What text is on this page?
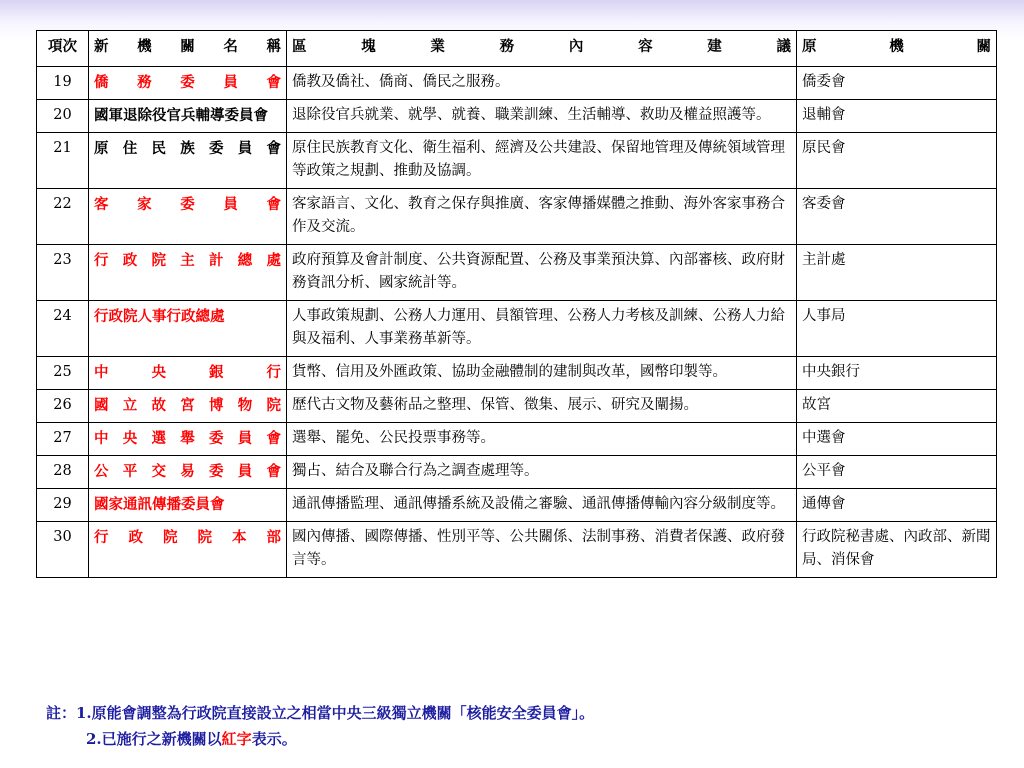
項次	新 機 關 名 稱	區 塊 業 務 內 容 建 議	原 機 關

19	僑 務 委 員 會	僑教及僑社、僑商、僑民之服務。	僑委會
20	國軍退除役官兵輔導委員會	退除役官兵就業、就學、就養、職業訓練、生活輔導、救助及權益照護等。	退輔會
21	原 住 民 族 委 員 會	原住民族教育文化、衛生福利、經濟及公共建設、保留地管理及傳統領域管理等政策之規劃、推動及協調。	原民會
22	客 家 委 員 會	客家語言、文化、教育之保存與推廣、客家傳播媒體之推動、海外客家事務合作及交流。	客委會
23	行 政 院 主 計 總 處	政府預算及會計制度、公共資源配置、公務及事業預決算、內部審核、政府財務資訊分析、國家統計等。	主計處
24	行政院人事行政總處	人事政策規劃、公務人力運用、員額管理、公務人力考核及訓練、公務人力給與及福利、人事業務革新等。	人事局
25	中 央 銀 行	貨幣、信用及外匯政策、協助金融體制的建制與改革，國幣印製等。	中央銀行
26	國 立 故 宮 博 物 院	歷代古文物及藝術品之整理、保管、徵集、展示、研究及闡揚。	故宮
27	中 央 選 舉 委 員 會	選舉、罷免、公民投票事務等。	中選會
28	公 平 交 易 委 員 會	獨占、結合及聯合行為之調查處理等。	公平會
29	國家通訊傳播委員會	通訊傳播監理、通訊傳播系統及設備之審驗、通訊傳播傳輸內容分級制度等。	通傳會
30	行 政 院 院 本 部	國內傳播、國際傳播、性別平等、公共關係、法制事務、消費者保護、政府發言等。	行政院秘書處、內政部、新聞局、消保會
註：1.原能會調整為行政院直接設立之相當中央三級獨立機關「核能安全委員會」。
2.已施行之新機關以紅字表示。
